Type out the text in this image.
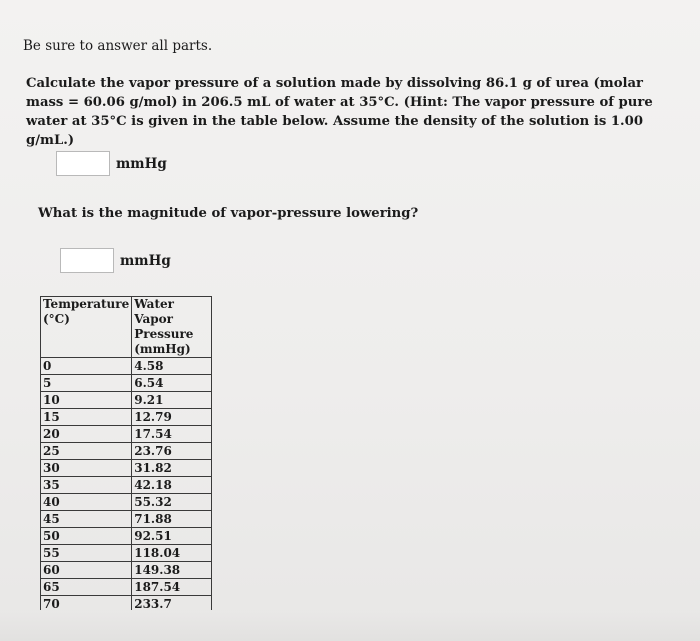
Be sure to answer all parts.
Calculate the vapor pressure of a solution made by dissolving 86.1 g of urea (molar mass = 60.06 g/mol) in 206.5 mL of water at 35°C. (Hint: The vapor pressure of pure water at 35°C is given in the table below. Assume the density of the solution is 1.00 g/mL.)
mmHg
What is the magnitude of vapor-pressure lowering?
mmHg
Temperature (°C)	Water Vapor Pressure (mmHg)
0	4.58
5	6.54
10	9.21
15	12.79
20	17.54
25	23.76
30	31.82
35	42.18
40	55.32
45	71.88
50	92.51
55	118.04
60	149.38
65	187.54
70	233.7
